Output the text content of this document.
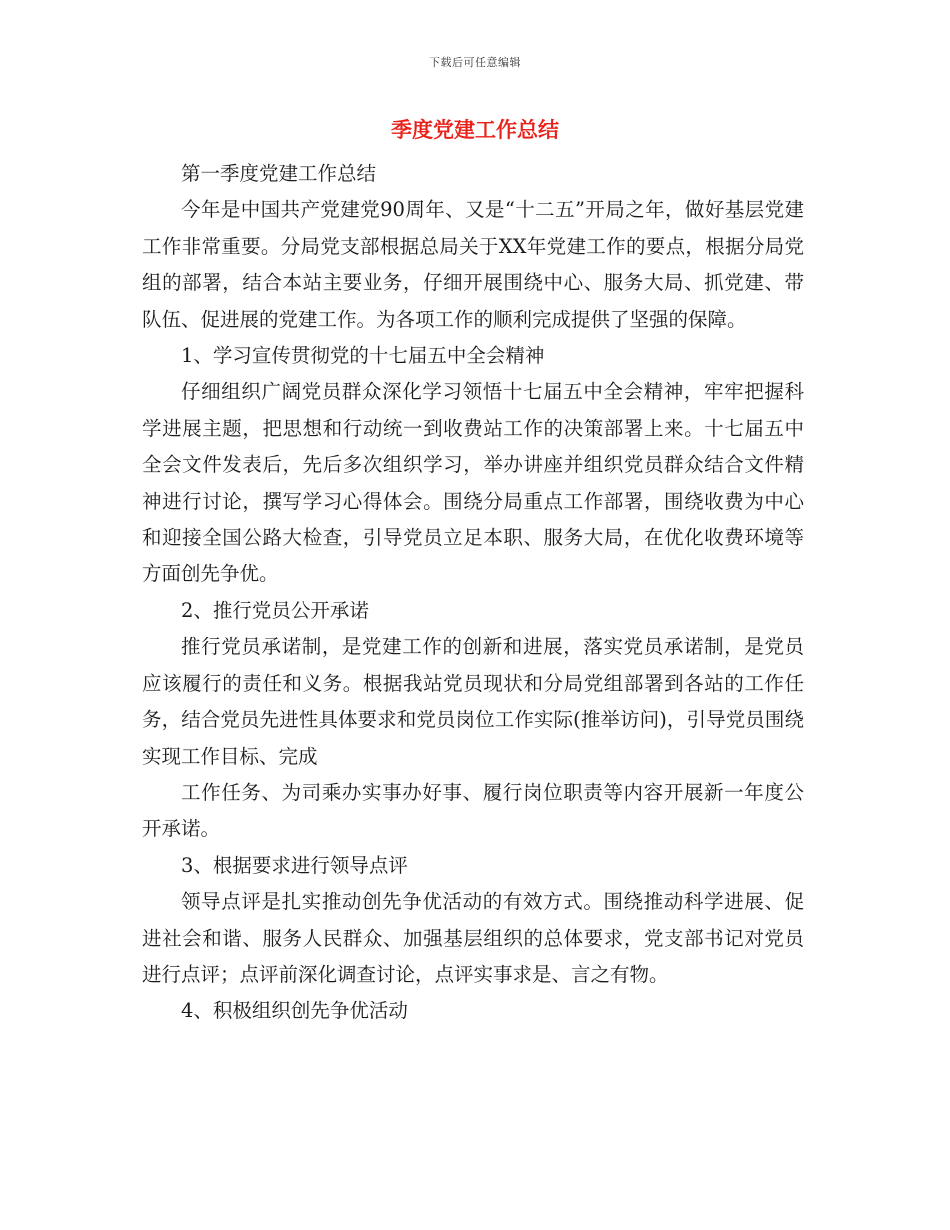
下载后可任意编辑
季度党建工作总结

第一季度党建工作总结

今年是中国共产党建党90周年、又是“十二五”开局之年，做好基层党建工作非常重要。分局党支部根据总局关于XX年党建工作的要点，根据分局党组的部署，结合本站主要业务，仔细开展围绕中心、服务大局、抓党建、带队伍、促进展的党建工作。为各项工作的顺利完成提供了坚强的保障。

1、学习宣传贯彻党的十七届五中全会精神

仔细组织广阔党员群众深化学习领悟十七届五中全会精神，牢牢把握科学进展主题，把思想和行动统一到收费站工作的决策部署上来。十七届五中全会文件发表后，先后多次组织学习，举办讲座并组织党员群众结合文件精神进行讨论，撰写学习心得体会。围绕分局重点工作部署，围绕收费为中心和迎接全国公路大检查，引导党员立足本职、服务大局，在优化收费环境等方面创先争优。

2、推行党员公开承诺

推行党员承诺制，是党建工作的创新和进展，落实党员承诺制，是党员应该履行的责任和义务。根据我站党员现状和分局党组部署到各站的工作任务，结合党员先进性具体要求和党员岗位工作实际(推举访问)，引导党员围绕实现工作目标、完成

工作任务、为司乘办实事办好事、履行岗位职责等内容开展新一年度公开承诺。

3、根据要求进行领导点评

领导点评是扎实推动创先争优活动的有效方式。围绕推动科学进展、促进社会和谐、服务人民群众、加强基层组织的总体要求，党支部书记对党员进行点评；点评前深化调查讨论，点评实事求是、言之有物。

4、积极组织创先争优活动
